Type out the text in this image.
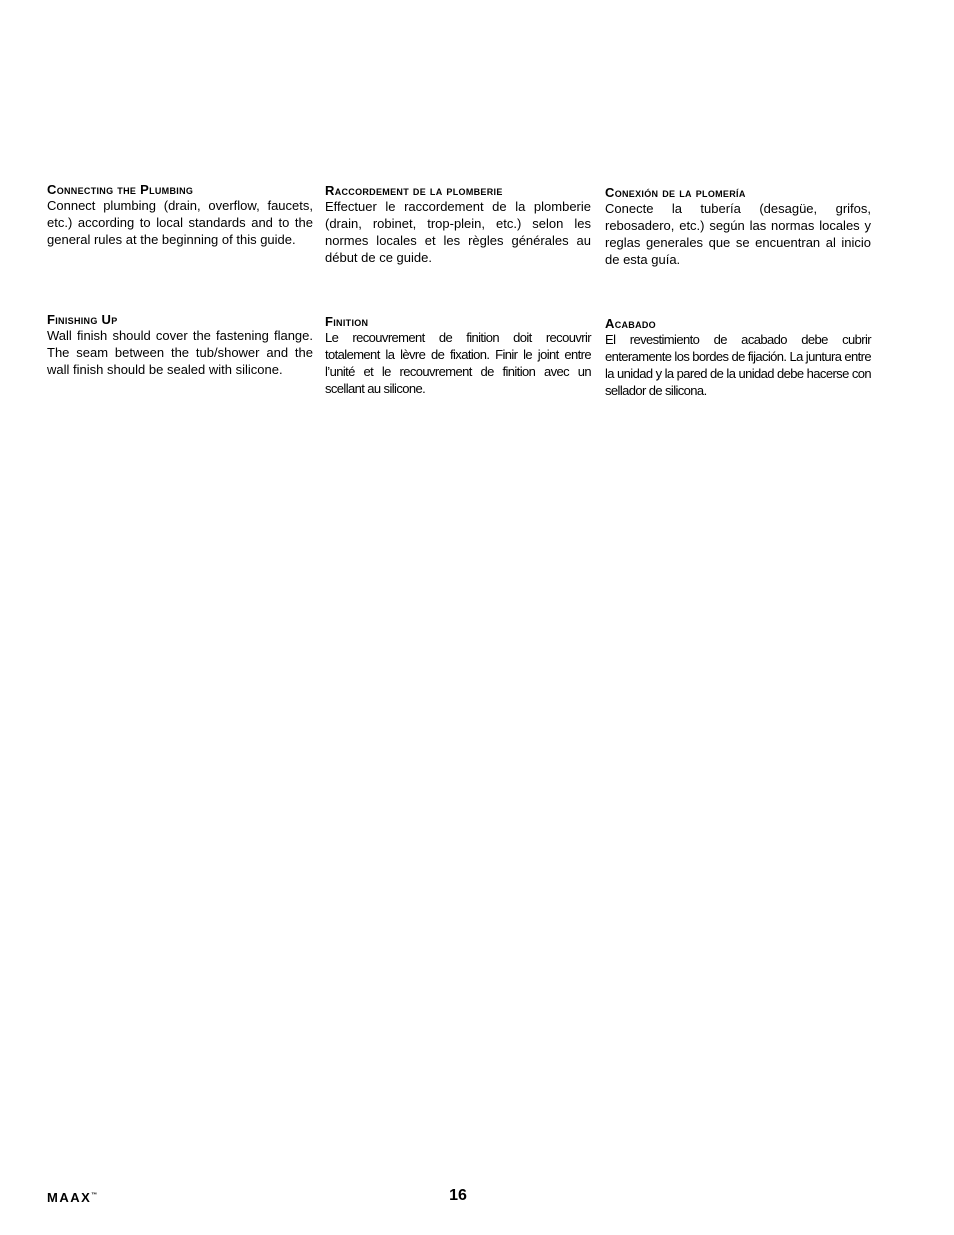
Connecting the Plumbing

Connect plumbing (drain, overflow, faucets, etc.) according to local standards and to the general rules at the beginning of this guide.

Finishing Up

Wall finish should cover the fastening flange. The seam between the tub/shower and the wall finish should be sealed with silicone.

Raccordement de la plomberie

Effectuer le raccordement de la plomberie (drain, robinet, trop-plein, etc.) selon les normes locales et les règles générales au début de ce guide.

Finition

Le recouvrement de finition doit recouvrir totalement la lèvre de fixation. Finir le joint entre l’unité et le recouvrement de finition avec un scellant au silicone.

Conexión de la plomería

Conecte la tubería (desagüe, grifos, rebosadero, etc.) según las normas locales y reglas generales que se encuentran al inicio de esta guía.

Acabado

El revestimiento de acabado debe cubrir enteramente los bordes de fijación. La juntura entre la unidad y la pared de la unidad debe hacerse con sellador de silicona.

MAAX™	16
